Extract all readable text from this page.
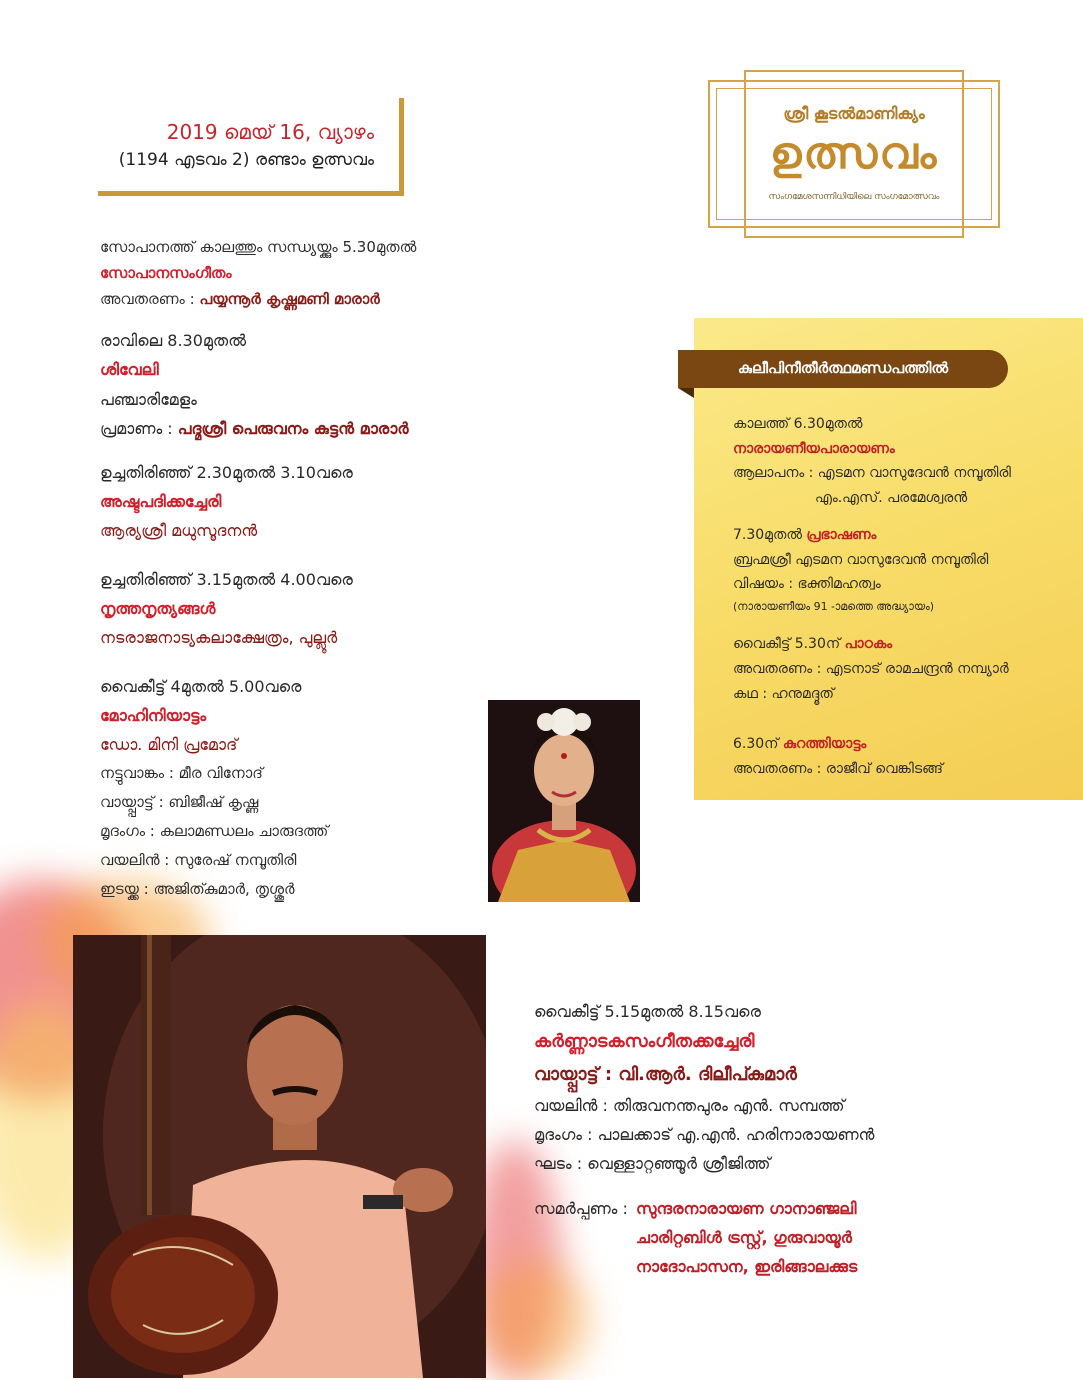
2019 മെയ് 16, വ്യാഴം
(1194 എടവം 2) രണ്ടാം ഉത്സവം
ശ്രീ കൂടൽമാണിക്യം
ഉത്സവം
സംഗമേശസന്നിധിയിലെ സംഗമോത്സവം
സോപാനത്ത് കാലത്തും സന്ധ്യയ്ക്കും 5.30മുതൽ
സോപാനസംഗീതം
അവതരണം : പയ്യന്നൂർ കൃഷ്ണമണി മാരാർ
രാവിലെ 8.30മുതൽ
ശിവേലി
പഞ്ചാരിമേളം
പ്രമാണം : പദ്മശ്രീ പെരുവനം കുട്ടൻ മാരാർ
ഉച്ചതിരിഞ്ഞ് 2.30മുതൽ 3.10വരെ
അഷ്ടപദിക്കച്ചേരി
ആര്യശ്രീ മധുസൂദനൻ
ഉച്ചതിരിഞ്ഞ് 3.15മുതൽ 4.00വരെ
നൃത്തനൃത്യങ്ങൾ
നടരാജനാട്യകലാക്ഷേത്രം, പുല്ലൂർ
വൈകീട്ട് 4മുതൽ 5.00വരെ
മോഹിനിയാട്ടം
ഡോ. മിനി പ്രമോദ്
നട്ടുവാങ്കം : മീര വിനോദ്
വായ്പ്പാട്ട് : ബിജീഷ് കൃഷ്ണ
മൃദംഗം : കലാമണ്ഡലം ചാരുദത്ത്
വയലിൻ : സുരേഷ് നമ്പൂതിരി
ഇടയ്ക്ക : അജിത്കുമാർ, തൃശ്ശൂർ
കുലീപിനീതീർത്ഥമണ്ഡപത്തിൽ
കാലത്ത് 6.30മുതൽ
നാരായണീയപാരായണം
ആലാപനം : എടമന വാസുദേവൻ നമ്പൂതിരി
എം.എസ്. പരമേശ്വരൻ
7.30മുതൽ പ്രഭാഷണം
ബ്രഹ്മശ്രീ എടമന വാസുദേവൻ നമ്പൂതിരി
വിഷയം : ഭക്തിമഹത്വം
(നാരായണീയം 91 -ാമത്തെ അദ്ധ്യായം)
വൈകീട്ട് 5.30ന് പാഠകം
അവതരണം : എടനാട് രാമചന്ദ്രൻ നമ്പ്യാർ
കഥ : ഹനുമദ്ദൂത്
6.30ന് കുറത്തിയാട്ടം
അവതരണം : രാജീവ് വെങ്കിടങ്ങ്
വൈകീട്ട് 5.15മുതൽ 8.15വരെ
കർണ്ണാടകസംഗീതക്കച്ചേരി
വായ്പ്പാട്ട് : വി.ആർ. ദിലീപ്കുമാർ
വയലിൻ : തിരുവനന്തപുരം എൻ. സമ്പത്ത്
മൃദംഗം : പാലക്കാട് എ.എൻ. ഹരിനാരായണൻ
ഘടം : വെള്ളാറ്റഞ്ഞൂർ ശ്രീജിത്ത്
സമർപ്പണം : സുന്ദരനാരായണ ഗാനാഞ്ജലി
ചാരിറ്റബിൾ ട്രസ്റ്റ്, ഗുരുവായൂർ
നാദോപാസന, ഇരിങ്ങാലക്കുട
